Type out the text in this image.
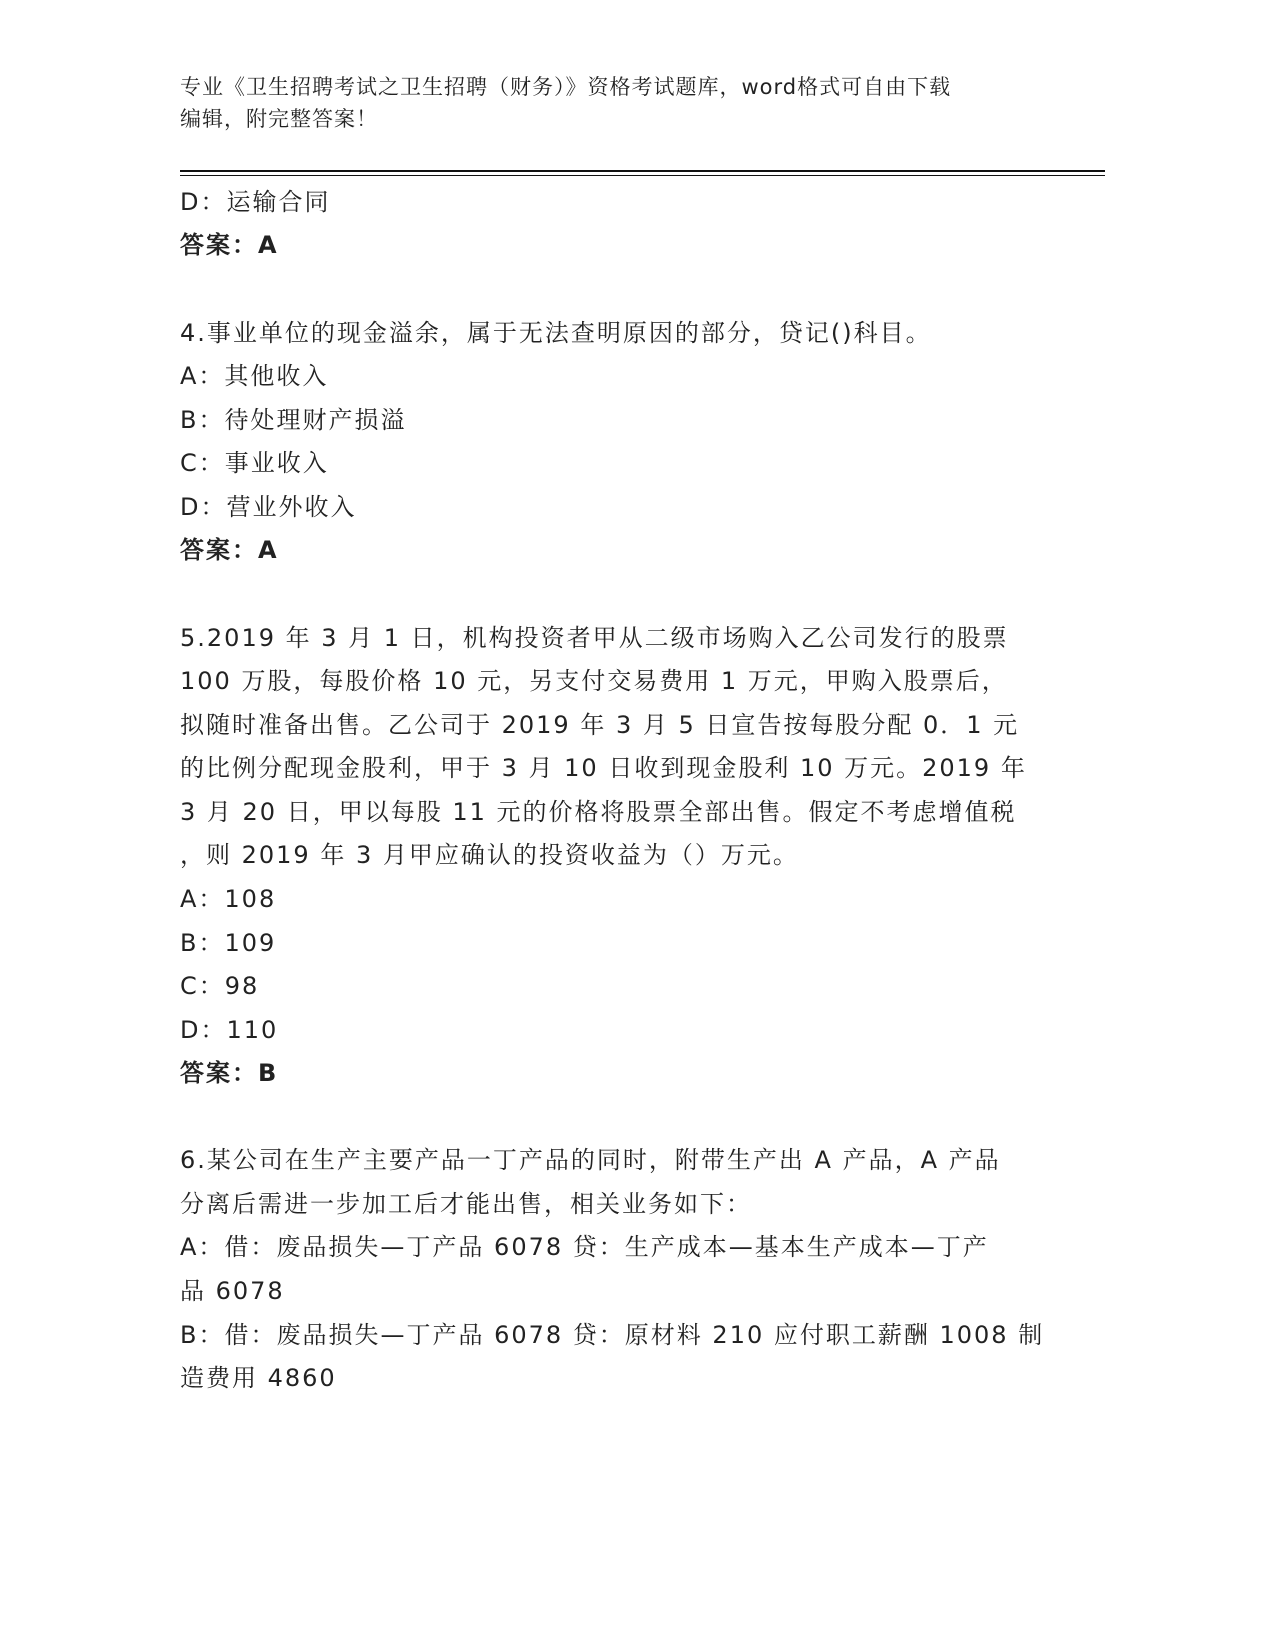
专业《卫生招聘考试之卫生招聘（财务）》资格考试题库，word格式可自由下载
编辑，附完整答案！
D：运输合同
答案：A
4.事业单位的现金溢余，属于无法查明原因的部分，贷记()科目。
A：其他收入
B：待处理财产损溢
C：事业收入
D：营业外收入
答案：A
5.2019 年 3 月 1 日，机构投资者甲从二级市场购入乙公司发行的股票
100 万股，每股价格 10 元，另支付交易费用 1 万元，甲购入股票后，
拟随时准备出售。乙公司于 2019 年 3 月 5 日宣告按每股分配 0．1 元
的比例分配现金股利，甲于 3 月 10 日收到现金股利 10 万元。2019 年
3 月 20 日，甲以每股 11 元的价格将股票全部出售。假定不考虑增值税
，则 2019 年 3 月甲应确认的投资收益为（）万元。
A：108
B：109
C：98
D：110
答案：B
6.某公司在生产主要产品一丁产品的同时，附带生产出 A 产品，A 产品
分离后需进一步加工后才能出售，相关业务如下：
A：借：废品损失—丁产品 6078 贷：生产成本—基本生产成本—丁产
品 6078
B：借：废品损失—丁产品 6078 贷：原材料 210 应付职工薪酬 1008 制
造费用 4860
